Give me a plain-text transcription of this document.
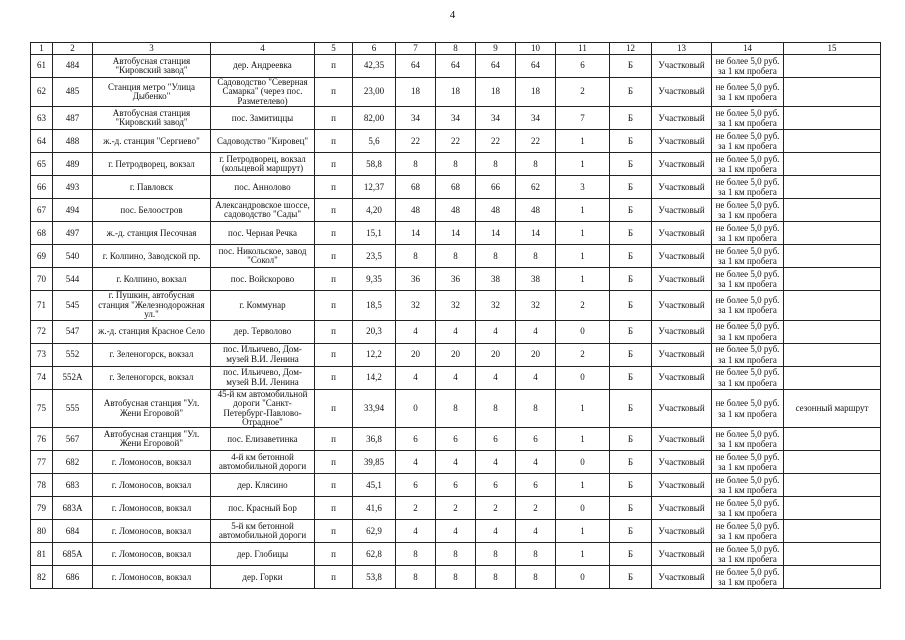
4
1	2	3	4	5	6	7	8	9	10	11	12	13	14	15
61	484	Автобусная станция "Кировский завод"	дер. Андреевка	п	42,35	64	64	64	64	6	Б	Участковый	не более 5,0 руб. за 1 км пробега	
62	485	Станция метро "Улица Дыбенко"	Садоводство "Северная Самарка" (через пос. Разметелево)	п	23,00	18	18	18	18	2	Б	Участковый	не более 5,0 руб. за 1 км пробега	
63	487	Автобусная станция "Кировский завод"	пос. Замитиццы	п	82,00	34	34	34	34	7	Б	Участковый	не более 5,0 руб. за 1 км пробега	
64	488	ж.-д. станция "Сергиево"	Садоводство "Кировец"	п	5,6	22	22	22	22	1	Б	Участковый	не более 5,0 руб. за 1 км пробега	
65	489	г. Петродворец, вокзал	г. Петродворец, вокзал (кольцевой маршрут)	п	58,8	8	8	8	8	1	Б	Участковый	не более 5,0 руб. за 1 км пробега	
66	493	г. Павловск	пос. Аннолово	п	12,37	68	68	66	62	3	Б	Участковый	не более 5,0 руб. за 1 км пробега	
67	494	пос. Белоостров	Александровское шоссе, садоводство "Сады"	п	4,20	48	48	48	48	1	Б	Участковый	не более 5,0 руб. за 1 км пробега	
68	497	ж.-д. станция Песочная	пос. Черная Речка	п	15,1	14	14	14	14	1	Б	Участковый	не более 5,0 руб. за 1 км пробега	
69	540	г. Колпино, Заводской пр.	пос. Никольское, завод "Сокол"	п	23,5	8	8	8	8	1	Б	Участковый	не более 5,0 руб. за 1 км пробега	
70	544	г. Колпино, вокзал	пос. Войскорово	п	9,35	36	36	38	38	1	Б	Участковый	не более 5,0 руб. за 1 км пробега	
71	545	г. Пушкин, автобусная станция "Железнодорожная ул."	г. Коммунар	п	18,5	32	32	32	32	2	Б	Участковый	не более 5,0 руб. за 1 км пробега	
72	547	ж.-д. станция Красное Село	дер. Терволово	п	20,3	4	4	4	4	0	Б	Участковый	не более 5,0 руб. за 1 км пробега	
73	552	г. Зеленогорск, вокзал	пос. Ильичево, Дом-музей В.И. Ленина	п	12,2	20	20	20	20	2	Б	Участковый	не более 5,0 руб. за 1 км пробега	
74	552А	г. Зеленогорск, вокзал	пос. Ильичево, Дом-музей В.И. Ленина	п	14,2	4	4	4	4	0	Б	Участковый	не более 5,0 руб. за 1 км пробега	
75	555	Автобусная станция "Ул. Жени Егоровой"	45-й км автомобильной дороги "Санкт-Петербург-Павлово-Отрадное"	п	33,94	0	8	8	8	1	Б	Участковый	не более 5,0 руб. за 1 км пробега	сезонный маршрут
76	567	Автобусная станция "Ул. Жени Егоровой"	пос. Елизаветинка	п	36,8	6	6	6	6	1	Б	Участковый	не более 5,0 руб. за 1 км пробега	
77	682	г. Ломоносов, вокзал	4-й км бетонной автомобильной дороги	п	39,85	4	4	4	4	0	Б	Участковый	не более 5,0 руб. за 1 км пробега	
78	683	г. Ломоносов, вокзал	дер. Клясино	п	45,1	6	6	6	6	1	Б	Участковый	не более 5,0 руб. за 1 км пробега	
79	683А	г. Ломоносов, вокзал	пос. Красный Бор	п	41,6	2	2	2	2	0	Б	Участковый	не более 5,0 руб. за 1 км пробега	
80	684	г. Ломоносов, вокзал	5-й км бетонной автомобильной дороги	п	62,9	4	4	4	4	1	Б	Участковый	не более 5,0 руб. за 1 км пробега	
81	685А	г. Ломоносов, вокзал	дер. Глобицы	п	62,8	8	8	8	8	1	Б	Участковый	не более 5,0 руб. за 1 км пробега	
82	686	г. Ломоносов, вокзал	дер. Горки	п	53,8	8	8	8	8	0	Б	Участковый	не более 5,0 руб. за 1 км пробега	
